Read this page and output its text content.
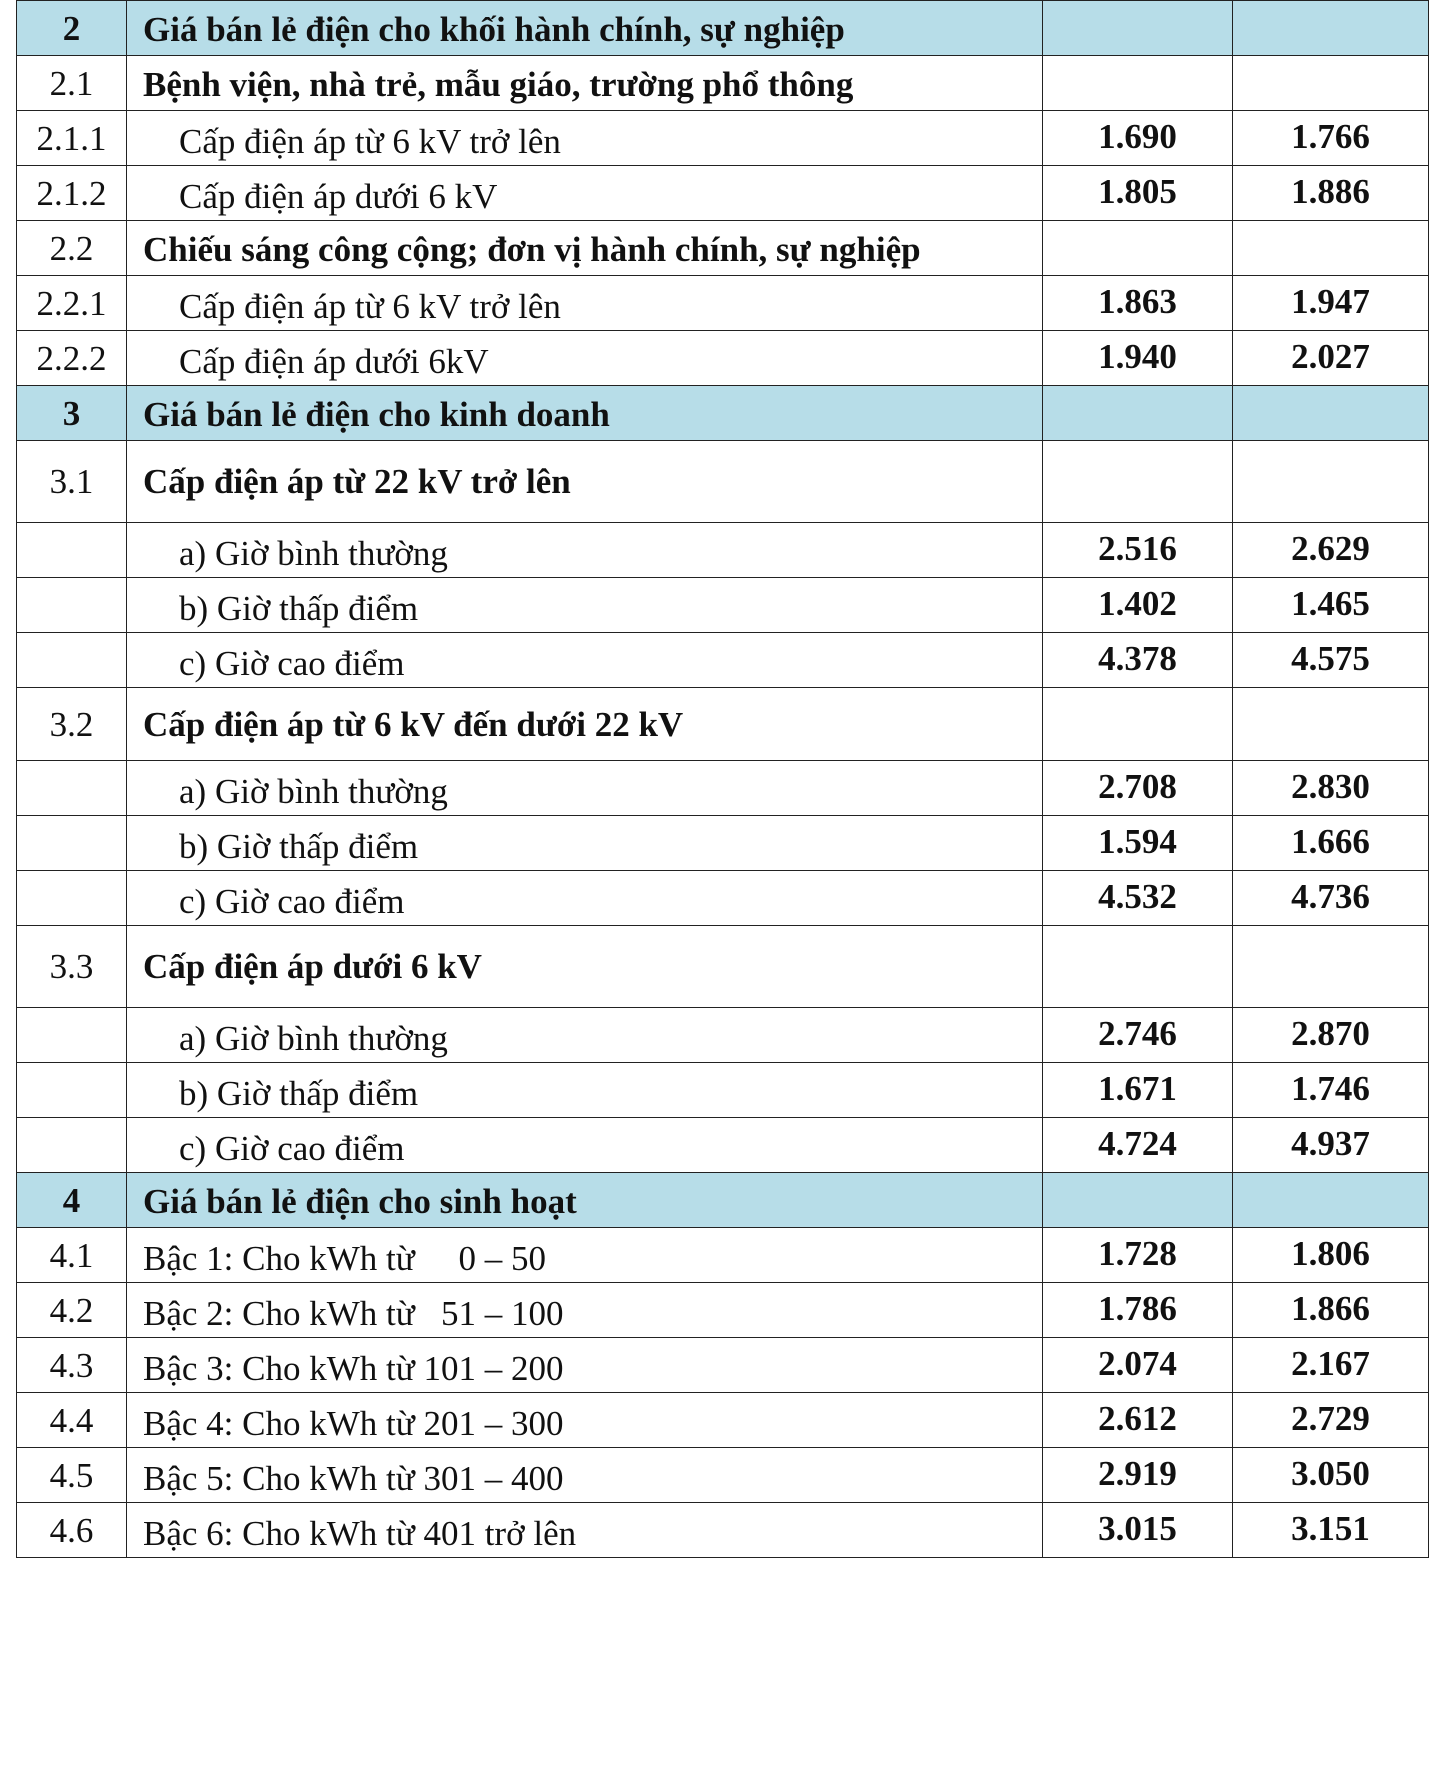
2	Giá bán lẻ điện cho khối hành chính, sự nghiệp		

2.1	Bệnh viện, nhà trẻ, mẫu giáo, trường phổ thông		

2.1.1	Cấp điện áp từ 6 kV trở lên	1.690	1.766

2.1.2	Cấp điện áp dưới 6 kV	1.805	1.886

2.2	Chiếu sáng công cộng; đơn vị hành chính, sự nghiệp		

2.2.1	Cấp điện áp từ 6 kV trở lên	1.863	1.947

2.2.2	Cấp điện áp dưới 6kV	1.940	2.027

3	Giá bán lẻ điện cho kinh doanh		

3.1	Cấp điện áp từ 22 kV trở lên		

	a) Giờ bình thường	2.516	2.629

	b) Giờ thấp điểm	1.402	1.465

	c) Giờ cao điểm	4.378	4.575

3.2	Cấp điện áp từ 6 kV đến dưới 22 kV		

	a) Giờ bình thường	2.708	2.830

	b) Giờ thấp điểm	1.594	1.666

	c) Giờ cao điểm	4.532	4.736

3.3	Cấp điện áp dưới 6 kV		

	a) Giờ bình thường	2.746	2.870

	b) Giờ thấp điểm	1.671	1.746

	c) Giờ cao điểm	4.724	4.937

4	Giá bán lẻ điện cho sinh hoạt		

4.1	Bậc 1: Cho kWh từ     0 – 50	1.728	1.806

4.2	Bậc 2: Cho kWh từ   51 – 100	1.786	1.866

4.3	Bậc 3: Cho kWh từ 101 – 200	2.074	2.167

4.4	Bậc 4: Cho kWh từ 201 – 300	2.612	2.729

4.5	Bậc 5: Cho kWh từ 301 – 400	2.919	3.050

4.6	Bậc 6: Cho kWh từ 401 trở lên	3.015	3.151
